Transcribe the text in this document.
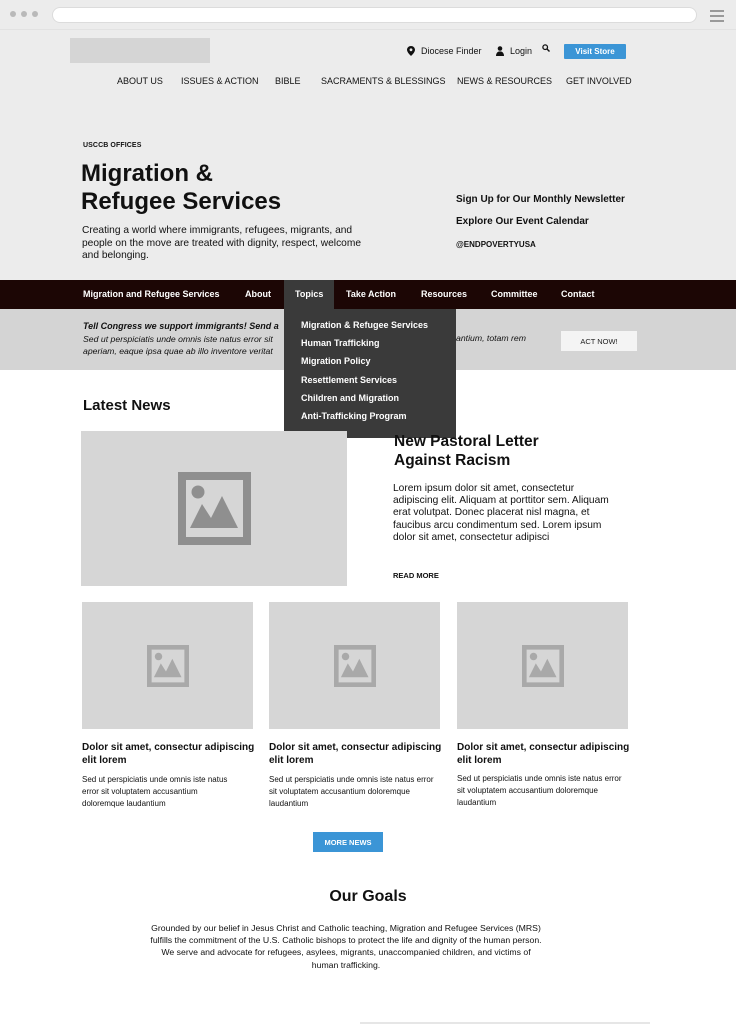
Diocese Finder	Login	Visit Store
ABOUT US ISSUES & ACTION BIBLE SACRAMENTS & BLESSINGS NEWS & RESOURCES GET INVOLVED
USCCB OFFICES
Migration &
Refugee Services
Creating a world where immigrants, refugees, migrants, and people on the move are treated with dignity, respect, welcome and belonging.
Sign Up for Our Monthly Newsletter
Explore Our Event Calendar
@ENDPOVERTYUSA
Migration and Refugee Services	About	Topics	Take Action	Resources	Committee	Contact
Tell Congress we support immigrants! Send a
Sed ut perspiciatis unde omnis iste natus error sit
aperiam, eaque ipsa quae ab illo inventore veritat
antium, totam rem	ACT NOW!
Migration & Refugee Services
Human Trafficking
Migration Policy
Resettlement Services
Children and Migration
Anti-Trafficking Program
Latest News
New Pastoral Letter Against Racism
Lorem ipsum dolor sit amet, consectetur adipiscing elit. Aliquam at porttitor sem. Aliquam erat volutpat. Donec placerat nisl magna, et faucibus arcu condimentum sed. Lorem ipsum dolor sit amet, consectetur adipisci
READ MORE
Dolor sit amet, consectur adipiscing elit lorem
Sed ut perspiciatis unde omnis iste natus error sit voluptatem accusantium doloremque laudantium
Dolor sit amet, consectur adipiscing elit lorem
Sed ut perspiciatis unde omnis iste natus error sit voluptatem accusantium doloremque laudantium
Dolor sit amet, consectur adipiscing elit lorem
Sed ut perspiciatis unde omnis iste natus error sit voluptatem accusantium doloremque laudantium
MORE NEWS
Our Goals
Grounded by our belief in Jesus Christ and Catholic teaching, Migration and Refugee Services (MRS) fulfills the commitment of the U.S. Catholic bishops to protect the life and dignity of the human person. We serve and advocate for refugees, asylees, migrants, unaccompanied children, and victims of human trafficking.
